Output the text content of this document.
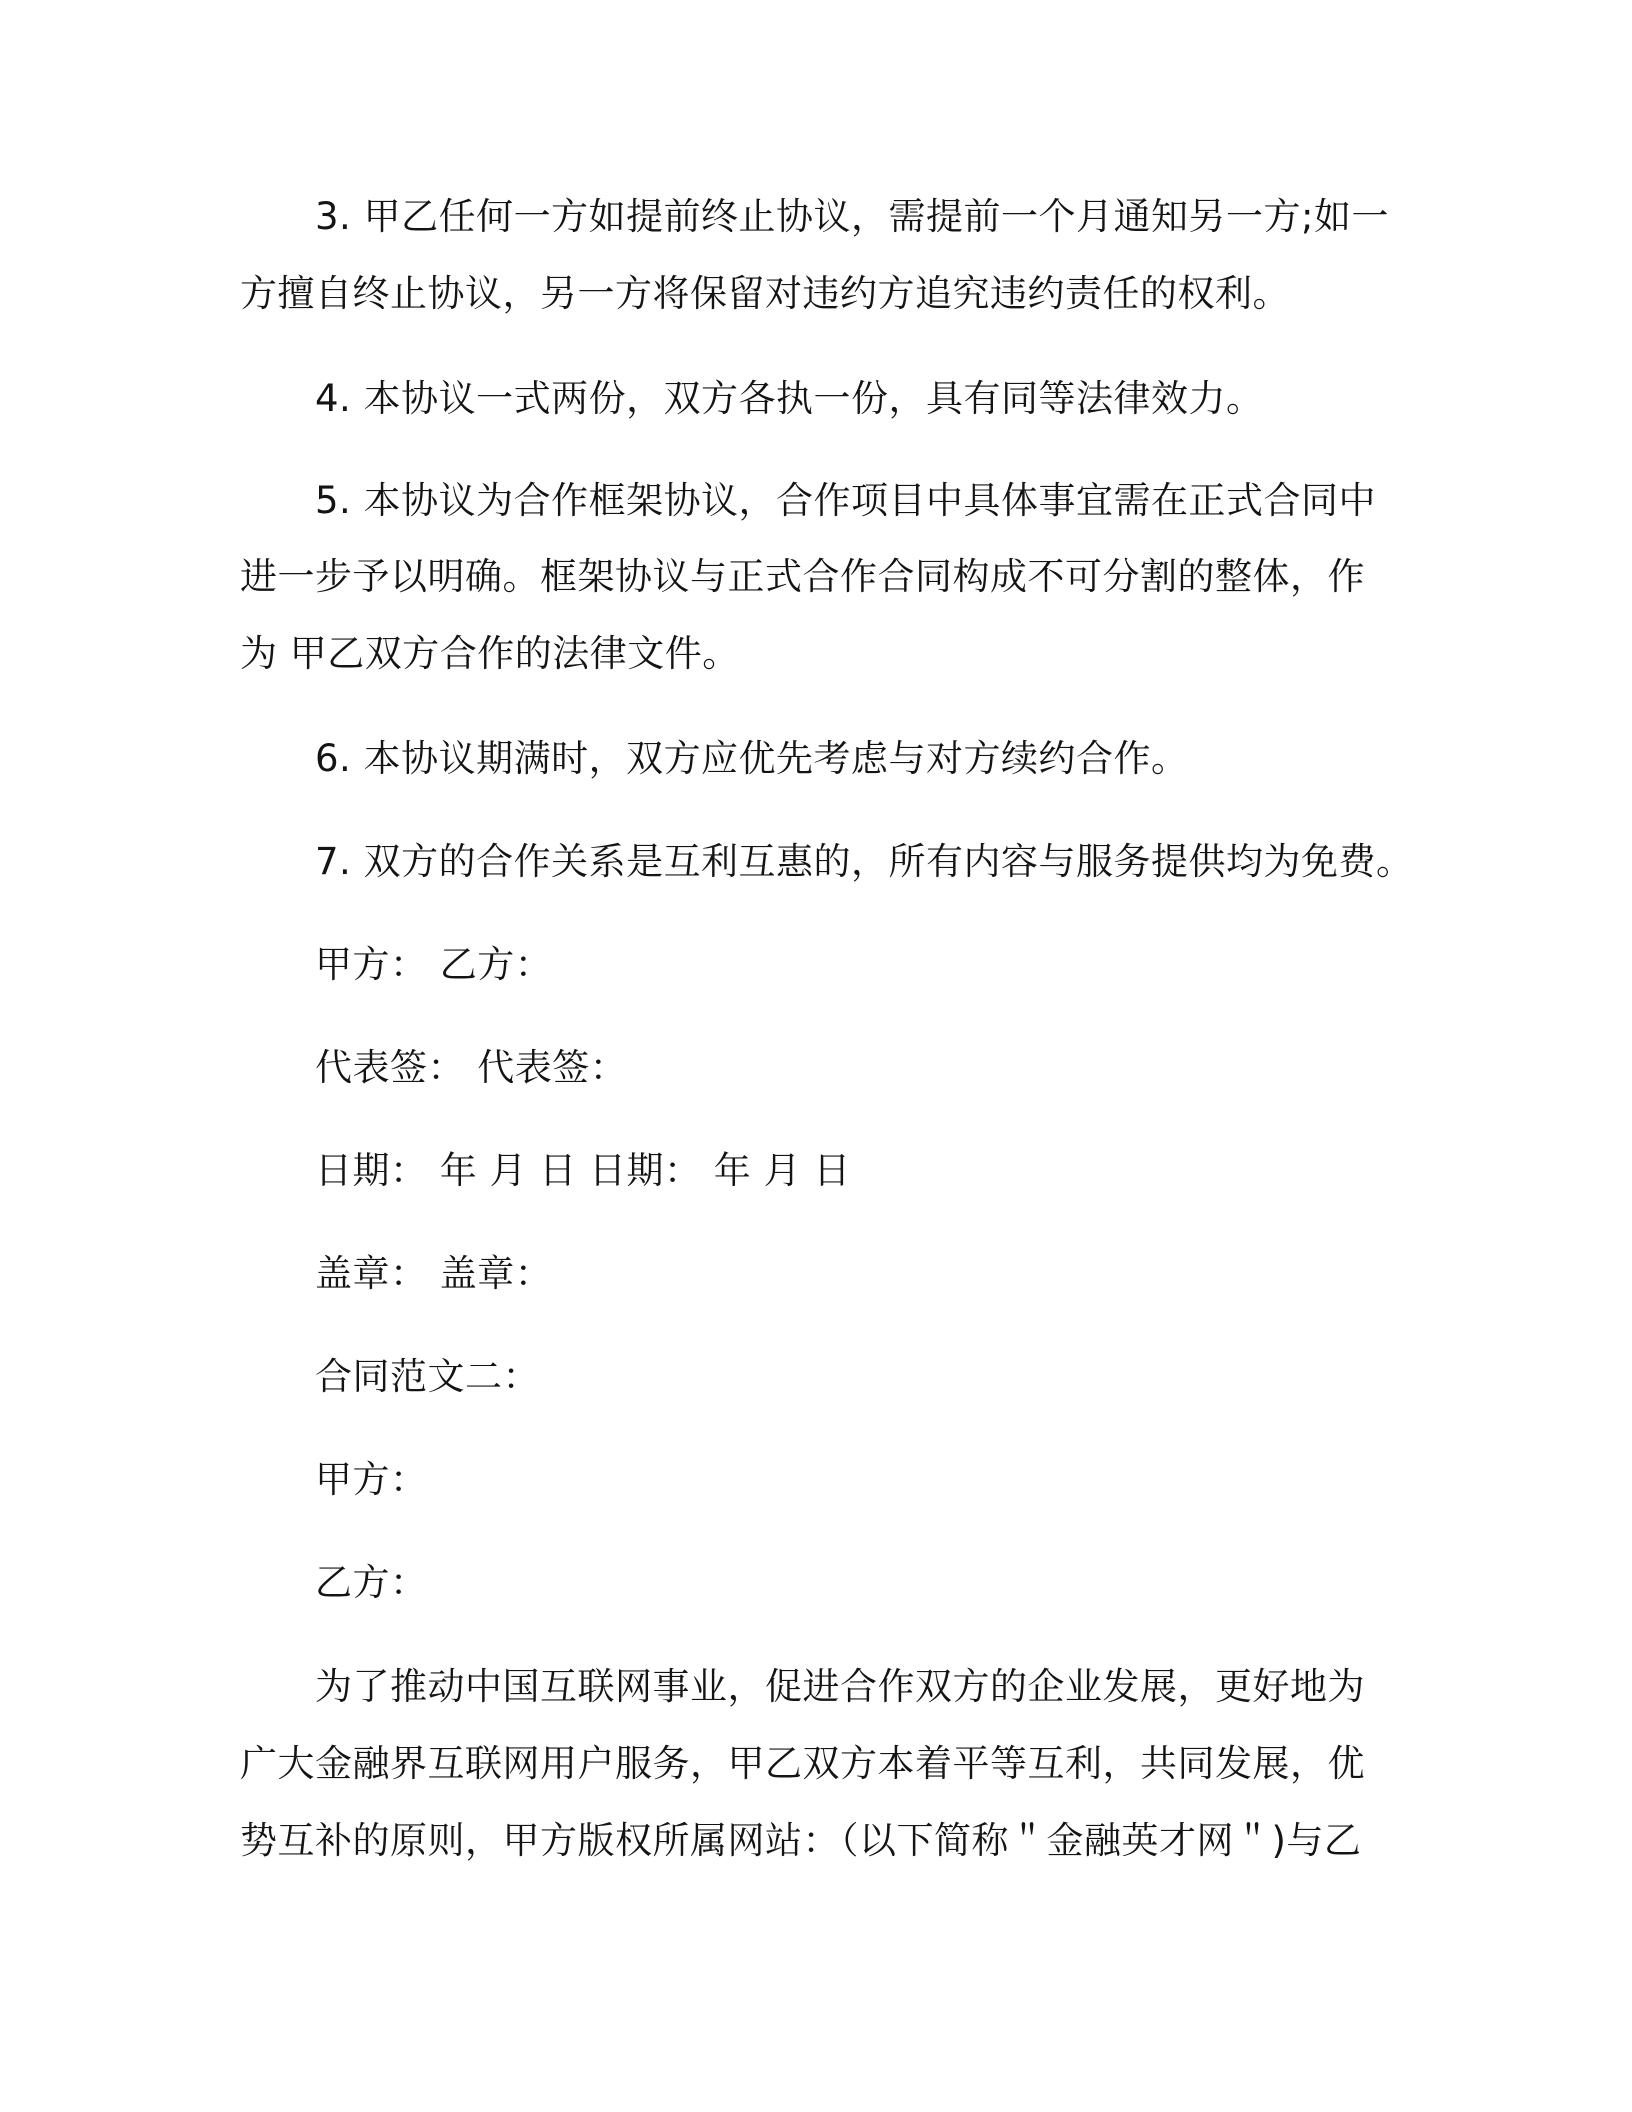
3. 甲乙任何一方如提前终止协议，需提前一个月通知另一方;如一
方擅自终止协议，另一方将保留对违约方追究违约责任的权利。
4. 本协议一式两份，双方各执一份，具有同等法律效力。
5. 本协议为合作框架协议，合作项目中具体事宜需在正式合同中
进一步予以明确。框架协议与正式合作合同构成不可分割的整体，作
为 甲乙双方合作的法律文件。
6. 本协议期满时，双方应优先考虑与对方续约合作。
7. 双方的合作关系是互利互惠的，所有内容与服务提供均为免费。
甲方： 乙方：
代表签： 代表签：
日期： 年 月 日 日期： 年 月 日
盖章： 盖章：
合同范文二：
甲方：
乙方：
为了推动中国互联网事业，促进合作双方的企业发展，更好地为
广大金融界互联网用户服务，甲乙双方本着平等互利，共同发展，优
势互补的原则，甲方版权所属网站：（以下简称＂金融英才网＂)与乙
